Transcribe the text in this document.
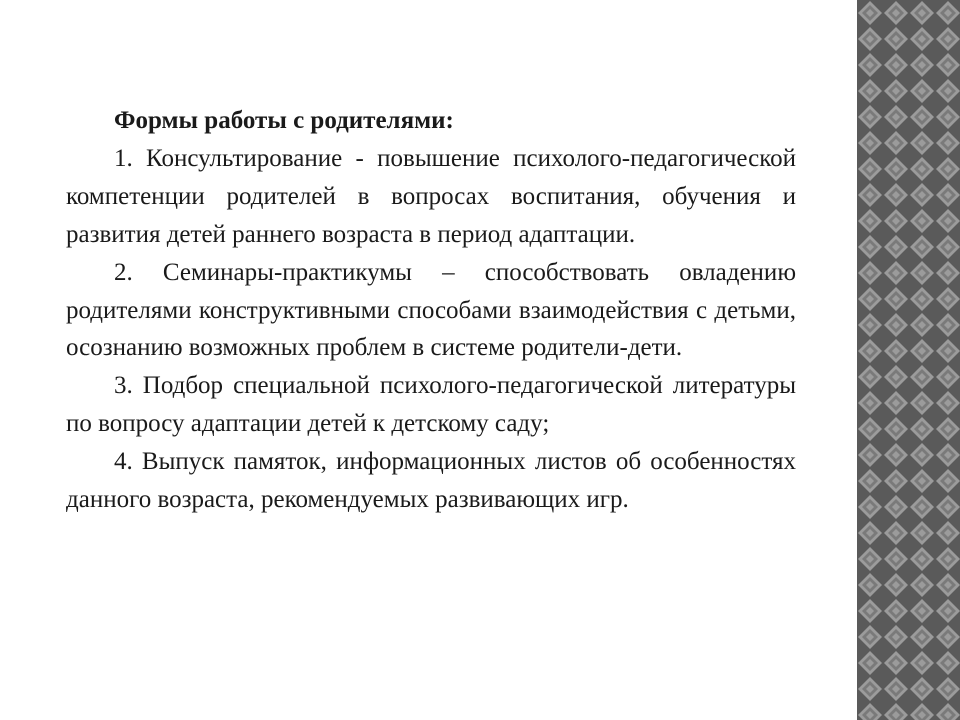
Формы работы с родителями:

1. Консультирование - повышение психолого-педагогической компетенции родителей в вопросах воспитания, обучения и развития детей раннего возраста в период адаптации.

2. Семинары-практикумы – способствовать овладению родителями конструктивными способами взаимодействия с детьми, осознанию возможных проблем в системе родители-дети.

3. Подбор специальной психолого-педагогической литературы по вопросу адаптации детей к детскому саду;

4. Выпуск памяток, информационных листов об особенностях данного возраста, рекомендуемых развивающих игр.
